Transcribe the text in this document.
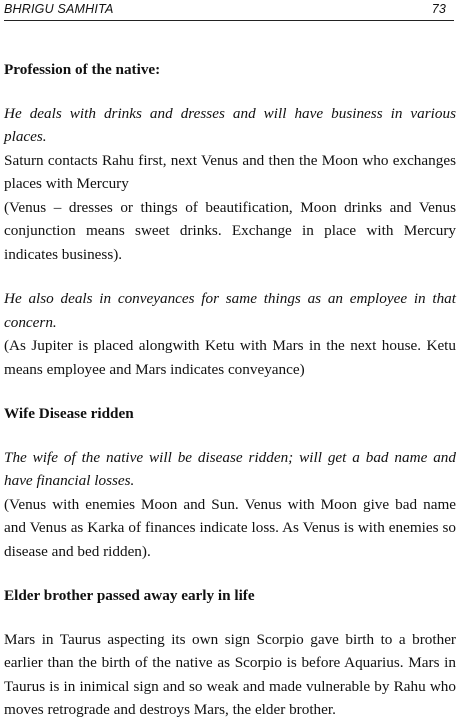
BHRIGU SAMHITA	73

Profession of the native:

He deals with drinks and dresses and will have business in various places.

Saturn contacts Rahu first, next Venus and then the Moon who exchanges places with Mercury

(Venus – dresses or things of beautification, Moon drinks and Venus conjunction means sweet drinks. Exchange in place with Mercury indicates business).

He also deals in conveyances for same things as an employee in that concern.

(As Jupiter is placed alongwith Ketu with Mars in the next house. Ketu means employee and Mars indicates conveyance)

Wife Disease ridden

The wife of the native will be disease ridden; will get a bad name and have financial losses.

(Venus with enemies Moon and Sun. Venus with Moon give bad name and Venus as Karka of finances indicate loss. As Venus is with enemies so disease and bed ridden).

Elder brother passed away early in life

Mars in Taurus aspecting its own sign Scorpio gave birth to a brother earlier than the birth of the native as Scorpio is before Aquarius. Mars in Taurus is in inimical sign and so weak and made vulnerable by Rahu who moves retrograde and destroys Mars, the elder brother.
